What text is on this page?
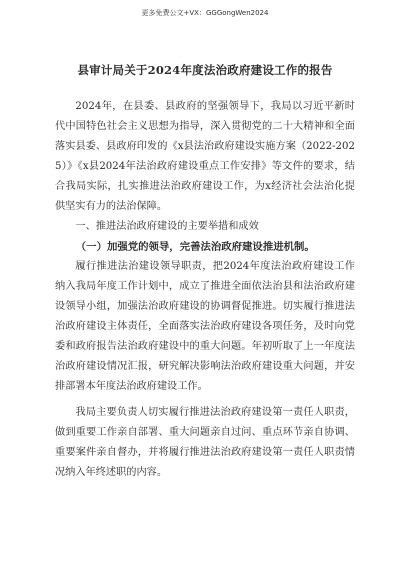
更多免费公文+VX：GGGongWen2024
县审计局关于2024年度法治政府建设工作的报告

2024年，在县委、县政府的坚强领导下，我局以习近平新时代中国特色社会主义思想为指导，深入贯彻党的二十大精神和全面落实县委、县政府印发的《x县法治政府建设实施方案（2022-2025）》《x县2024年法治政府建设重点工作安排》等文件的要求，结合我局实际，扎实推进法治政府建设工作，为x经济社会法治化提供坚实有力的法治保障。

一、推进法治政府建设的主要举措和成效

（一）加强党的领导，完善法治政府建设推进机制。

履行推进法治建设领导职责，把2024年度法治政府建设工作纳入我局年度工作计划中，成立了推进全面依法治县和法治政府建设领导小组，加强法治政府建设的协调督促推进。切实履行推进法治政府建设主体责任，全面落实法治政府建设各项任务，及时向党委和政府报告法治政府建设中的重大问题。年初听取了上一年度法治政府建设情况汇报，研究解决影响法治政府建设重大问题，并安排部署本年度法治政府建设工作。

我局主要负责人切实履行推进法治政府建设第一责任人职责，做到重要工作亲自部署、重大问题亲自过问、重点环节亲自协调、重要案件亲自督办，并将履行推进法治政府建设第一责任人职责情况纳入年终述职的内容。
